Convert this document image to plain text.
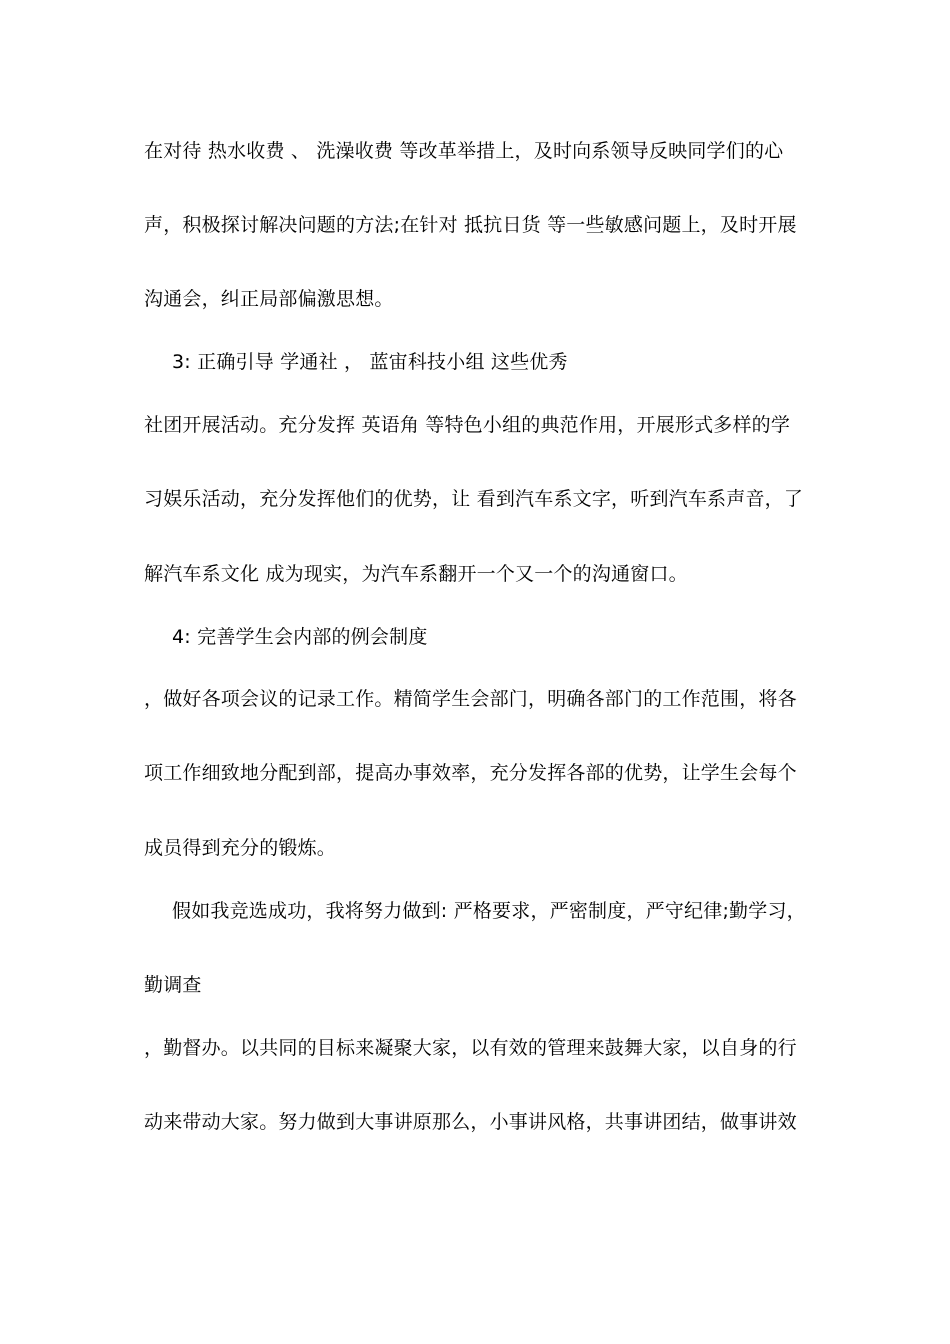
在对待 热水收费 、 洗澡收费 等改革举措上，及时向系领导反映同学们的心

声，积极探讨解决问题的方法;在针对 抵抗日货 等一些敏感问题上，及时开展

沟通会，纠正局部偏激思想。

3: 正确引导 学通社 ， 蓝宙科技小组 这些优秀

社团开展活动。充分发挥 英语角 等特色小组的典范作用，开展形式多样的学

习娱乐活动，充分发挥他们的优势，让 看到汽车系文字，听到汽车系声音，了

解汽车系文化 成为现实，为汽车系翻开一个又一个的沟通窗口。

4: 完善学生会内部的例会制度

，做好各项会议的记录工作。精简学生会部门，明确各部门的工作范围，将各

项工作细致地分配到部，提高办事效率，充分发挥各部的优势，让学生会每个

成员得到充分的锻炼。

假如我竞选成功，我将努力做到: 严格要求，严密制度，严守纪律;勤学习，

勤调查

，勤督办。以共同的目标来凝聚大家，以有效的管理来鼓舞大家，以自身的行

动来带动大家。努力做到大事讲原那么，小事讲风格，共事讲团结，做事讲效
